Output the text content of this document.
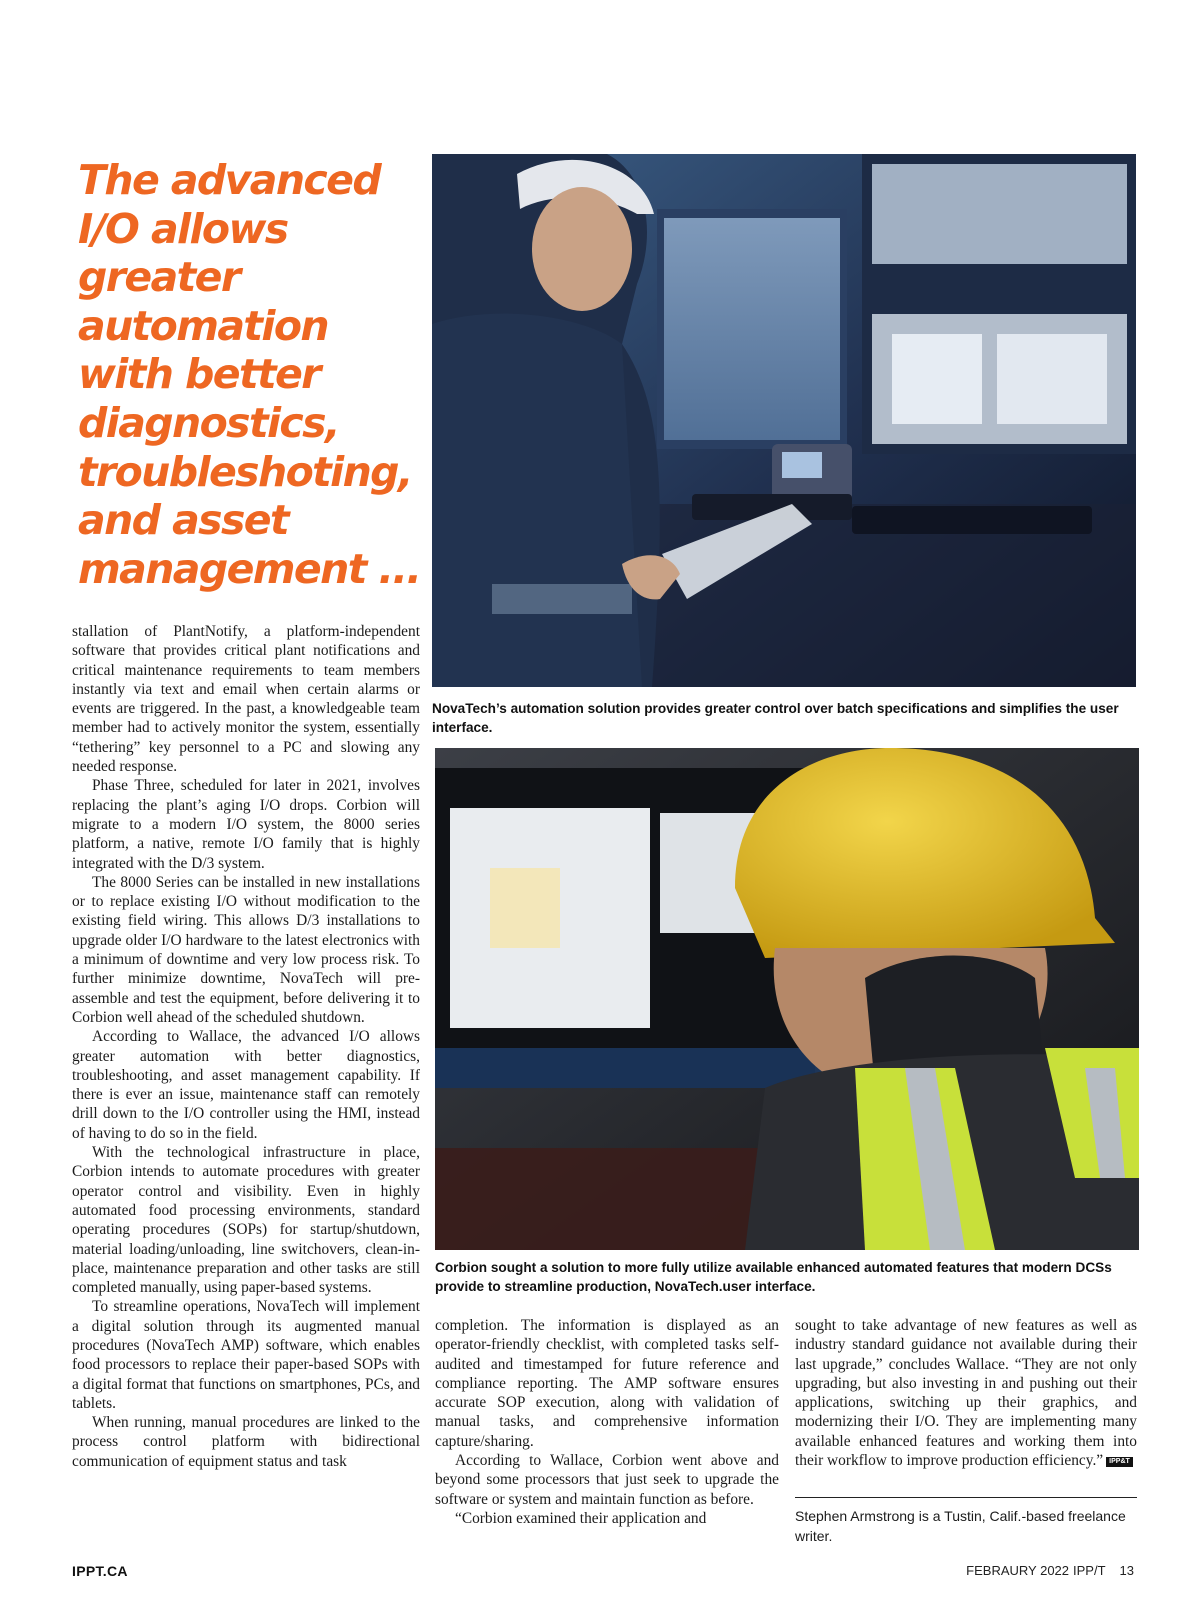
The advanced I/O allows greater automation with better diagnostics, troubleshoting, and asset management ...

NovaTech’s automation solution provides greater control over batch specifications and simplifies the user interface.

Corbion sought a solution to more fully utilize available enhanced automated features that modern DCSs provide to streamline production, NovaTech.user interface.

stallation of PlantNotify, a platform-independent software that provides critical plant notifications and critical maintenance requirements to team members instantly via text and email when certain alarms or events are triggered. In the past, a knowledgeable team member had to actively monitor the system, essentially “tethering” key personnel to a PC and slowing any needed response.

Phase Three, scheduled for later in 2021, involves replacing the plant’s aging I/O drops. Corbion will migrate to a modern I/O system, the 8000 series platform, a native, remote I/O family that is highly integrated with the D/3 system.

The 8000 Series can be installed in new installations or to replace existing I/O without modification to the existing field wiring. This allows D/3 installations to upgrade older I/O hardware to the latest electronics with a minimum of downtime and very low process risk. To further minimize downtime, NovaTech will pre-assemble and test the equipment, before delivering it to Corbion well ahead of the scheduled shutdown.

According to Wallace, the advanced I/O allows greater automation with better diagnostics, troubleshooting, and asset management capability. If there is ever an issue, maintenance staff can remotely drill down to the I/O controller using the HMI, instead of having to do so in the field.

With the technological infrastructure in place, Corbion intends to automate procedures with greater operator control and visibility. Even in highly automated food processing environments, standard operating procedures (SOPs) for startup/shutdown, material loading/unloading, line switchovers, clean-in-place, maintenance preparation and other tasks are still completed manually, using paper-based systems.

To streamline operations, NovaTech will implement a digital solution through its augmented manual procedures (NovaTech AMP) software, which enables food processors to replace their paper-based SOPs with a digital format that functions on smartphones, PCs, and tablets.

When running, manual procedures are linked to the process control platform with bidirectional communication of equipment status and task

completion. The information is displayed as an operator-friendly checklist, with completed tasks self-audited and timestamped for future reference and compliance reporting. The AMP software ensures accurate SOP execution, along with validation of manual tasks, and comprehensive information capture/sharing.

According to Wallace, Corbion went above and beyond some processors that just seek to upgrade the software or system and maintain function as before.

“Corbion examined their application and

sought to take advantage of new features as well as industry standard guidance not available during their last upgrade,” concludes Wallace. “They are not only upgrading, but also investing in and pushing out their applications, switching up their graphics, and modernizing their I/O. They are implementing many available enhanced features and working them into their workflow to improve production efficiency.” IPP&T

Stephen Armstrong is a Tustin, Calif.-based freelance writer.

IPPT.CA	FEBRAURY 2022 IPP/T 13
